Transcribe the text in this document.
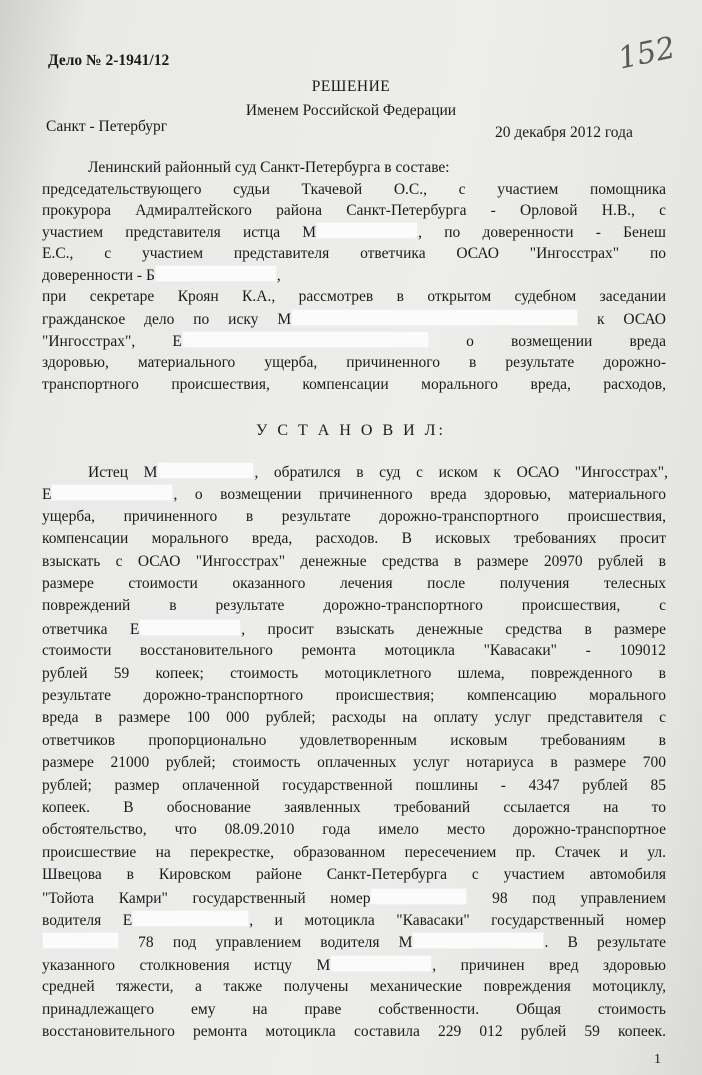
Дело № 2-1941/12	152
РЕШЕНИЕ
Именем Российской Федерации
Санкт - Петербург	20 декабря 2012 года
Ленинский районный суд Санкт-Петербурга в составе:
председательствующего судьи Ткачевой О.С., с участием помощника
прокурора Адмиралтейского района Санкт-Петербурга - Орловой Н.В., с
участием представителя истца М	, по доверенности - Бенеш
Е.С., с участием представителя ответчика ОСАО "Ингосстрах" по
доверенности - Б	,
при секретаре Кроян К.А., рассмотрев в открытом судебном заседании
гражданское дело по иску М	к ОСАО
"Ингосстрах", Е	о возмещении вреда
здоровью, материального ущерба, причиненного в результате дорожно-
транспортного происшествия, компенсации морального вреда, расходов,
У С Т А Н О В И Л:
Истец М	, обратился в суд с иском к ОСАО "Ингосстрах",
Е	, о возмещении причиненного вреда здоровью, материального
ущерба, причиненного в результате дорожно-транспортного происшествия,
компенсации морального вреда, расходов. В исковых требованиях просит
взыскать с ОСАО "Ингосстрах" денежные средства в размере 20970 рублей в
размере стоимости оказанного лечения после получения телесных
повреждений в результате дорожно-транспортного происшествия, с
ответчика Е	, просит взыскать денежные средства в размере
стоимости восстановительного ремонта мотоцикла "Кавасаки" - 109012
рублей 59 копеек; стоимость мотоциклетного шлема, поврежденного в
результате дорожно-транспортного происшествия; компенсацию морального
вреда в размере 100 000 рублей; расходы на оплату услуг представителя с
ответчиков пропорционально удовлетворенным исковым требованиям в
размере 21000 рублей; стоимость оплаченных услуг нотариуса в размере 700
рублей; размер оплаченной государственной пошлины - 4347 рублей 85
копеек. В обоснование заявленных требований ссылается на то
обстоятельство, что 08.09.2010 года имело место дорожно-транспортное
происшествие на перекрестке, образованном пересечением пр. Стачек и ул.
Швецова в Кировском районе Санкт-Петербурга с участием автомобиля
"Тойота Камри" государственный номер	98 под управлением
водителя Е	, и мотоцикла "Кавасаки" государственный номер
78 под управлением водителя М	. В результате
указанного столкновения истцу М	, причинен вред здоровью
средней тяжести, а также получены механические повреждения мотоциклу,
принадлежащего ему на праве собственности. Общая стоимость
восстановительного ремонта мотоцикла составила 229 012 рублей 59 копеек.
1
